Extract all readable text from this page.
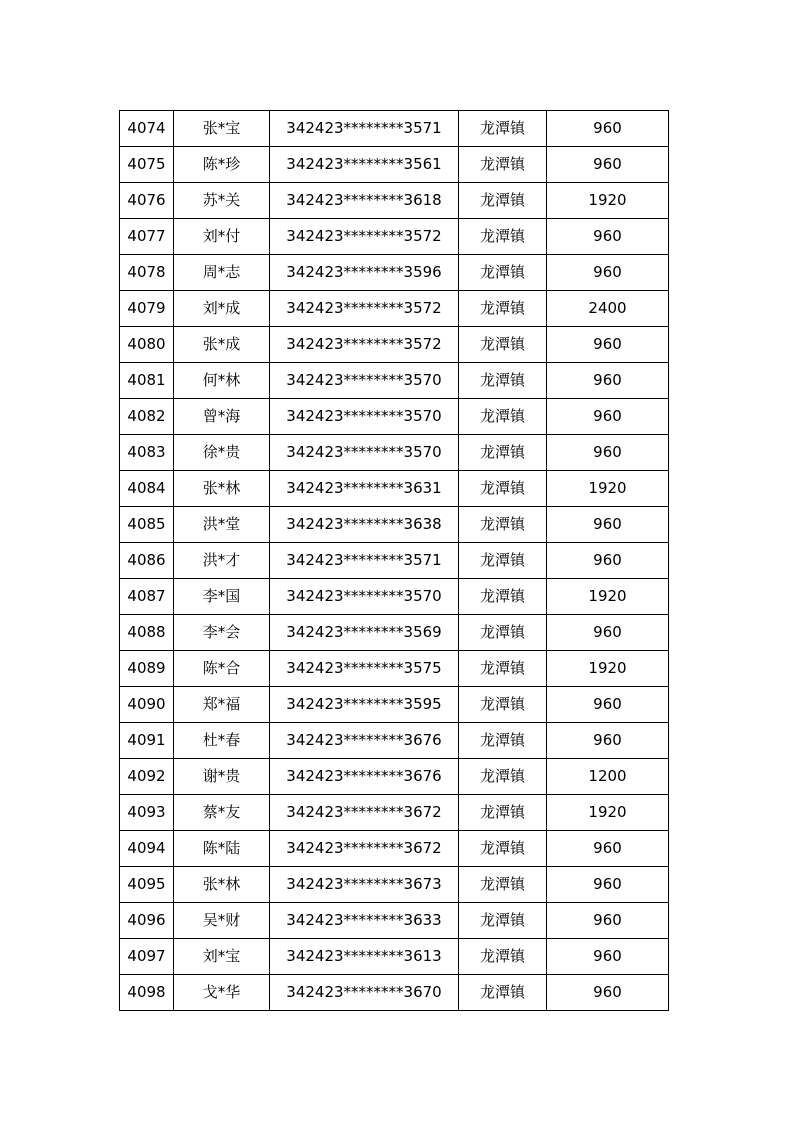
4074	张*宝	342423********3571	龙潭镇	960
4075	陈*珍	342423********3561	龙潭镇	960
4076	苏*关	342423********3618	龙潭镇	1920
4077	刘*付	342423********3572	龙潭镇	960
4078	周*志	342423********3596	龙潭镇	960
4079	刘*成	342423********3572	龙潭镇	2400
4080	张*成	342423********3572	龙潭镇	960
4081	何*林	342423********3570	龙潭镇	960
4082	曾*海	342423********3570	龙潭镇	960
4083	徐*贵	342423********3570	龙潭镇	960
4084	张*林	342423********3631	龙潭镇	1920
4085	洪*堂	342423********3638	龙潭镇	960
4086	洪*才	342423********3571	龙潭镇	960
4087	李*国	342423********3570	龙潭镇	1920
4088	李*会	342423********3569	龙潭镇	960
4089	陈*合	342423********3575	龙潭镇	1920
4090	郑*福	342423********3595	龙潭镇	960
4091	杜*春	342423********3676	龙潭镇	960
4092	谢*贵	342423********3676	龙潭镇	1200
4093	蔡*友	342423********3672	龙潭镇	1920
4094	陈*陆	342423********3672	龙潭镇	960
4095	张*林	342423********3673	龙潭镇	960
4096	吴*财	342423********3633	龙潭镇	960
4097	刘*宝	342423********3613	龙潭镇	960
4098	戈*华	342423********3670	龙潭镇	960
